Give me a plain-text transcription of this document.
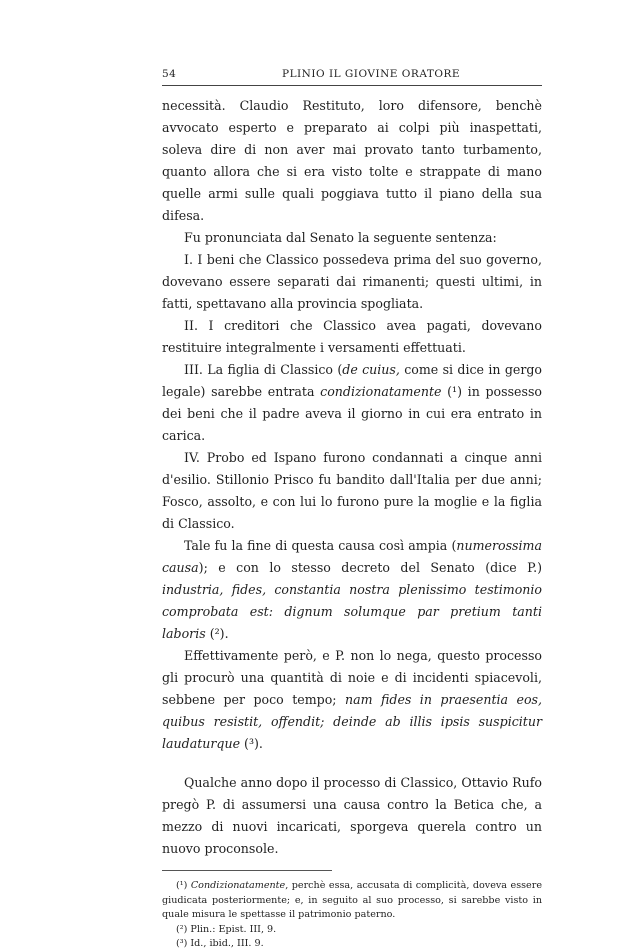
54	PLINIO IL GIOVINE ORATORE

necessità. Claudio Restituto, loro difensore, benchè avvocato esperto e preparato ai colpi più inaspettati, soleva dire di non aver mai provato tanto turbamento, quanto allora che si era visto tolte e strappate di mano quelle armi sulle quali poggiava tutto il piano della sua difesa.

Fu pronunciata dal Senato la seguente sentenza:

I. I beni che Classico possedeva prima del suo governo, dovevano essere separati dai rimanenti; questi ultimi, in fatti, spettavano alla provincia spogliata.

II. I creditori che Classico avea pagati, dovevano restituire integralmente i versamenti effettuati.

III. La figlia di Classico (de cuius, come si dice in gergo legale) sarebbe entrata condizionatamente (¹) in possesso dei beni che il padre aveva il giorno in cui era entrato in carica.

IV. Probo ed Ispano furono condannati a cinque anni d'esilio. Stillonio Prisco fu bandito dall'Italia per due anni; Fosco, assolto, e con lui lo furono pure la moglie e la figlia di Classico.

Tale fu la fine di questa causa così ampia (numerossima causa); e con lo stesso decreto del Senato (dice P.) industria, fides, constantia nostra plenissimo testimonio comprobata est: dignum solumque par pretium tanti laboris (²).

Effettivamente però, e P. non lo nega, questo processo gli procurò una quantità di noie e di incidenti spiacevoli, sebbene per poco tempo; nam fides in praesentia eos, quibus resistit, offendit; deinde ab illis ipsis suspicitur laudaturque (³).

Qualche anno dopo il processo di Classico, Ottavio Rufo pregò P. di assumersi una causa contro la Betica che, a mezzo di nuovi incaricati, sporgeva querela contro un nuovo proconsole.

(¹) Condizionatamente, perchè essa, accusata di complicità, doveva essere giudicata posteriormente; e, in seguito al suo processo, si sarebbe visto in quale misura le spettasse il patrimonio paterno.

(²) Plin.: Epist. III, 9.

(³) Id., ibid., III. 9.
